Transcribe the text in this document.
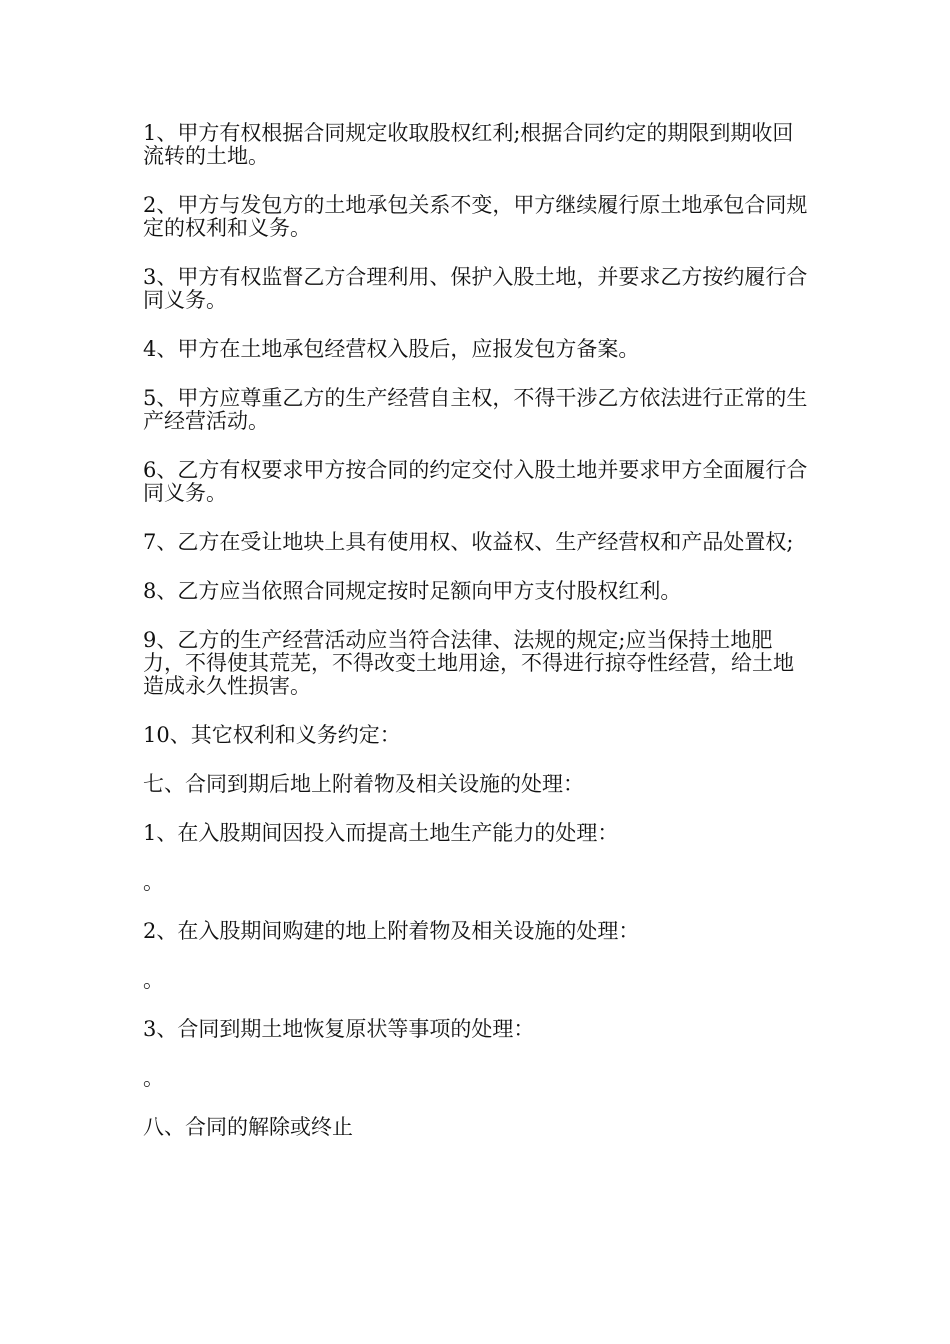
1、甲方有权根据合同规定收取股权红利;根据合同约定的期限到期收回流转的土地。

2、甲方与发包方的土地承包关系不变，甲方继续履行原土地承包合同规定的权利和义务。

3、甲方有权监督乙方合理利用、保护入股土地，并要求乙方按约履行合同义务。

4、甲方在土地承包经营权入股后，应报发包方备案。

5、甲方应尊重乙方的生产经营自主权，不得干涉乙方依法进行正常的生产经营活动。

6、乙方有权要求甲方按合同的约定交付入股土地并要求甲方全面履行合同义务。

7、乙方在受让地块上具有使用权、收益权、生产经营权和产品处置权;

8、乙方应当依照合同规定按时足额向甲方支付股权红利。

9、乙方的生产经营活动应当符合法律、法规的规定;应当保持土地肥力，不得使其荒芜，不得改变土地用途，不得进行掠夺性经营，给土地造成永久性损害。

10、其它权利和义务约定：

七、合同到期后地上附着物及相关设施的处理：

1、在入股期间因投入而提高土地生产能力的处理：

。

2、在入股期间购建的地上附着物及相关设施的处理：

。

3、合同到期土地恢复原状等事项的处理：

。

八、合同的解除或终止
